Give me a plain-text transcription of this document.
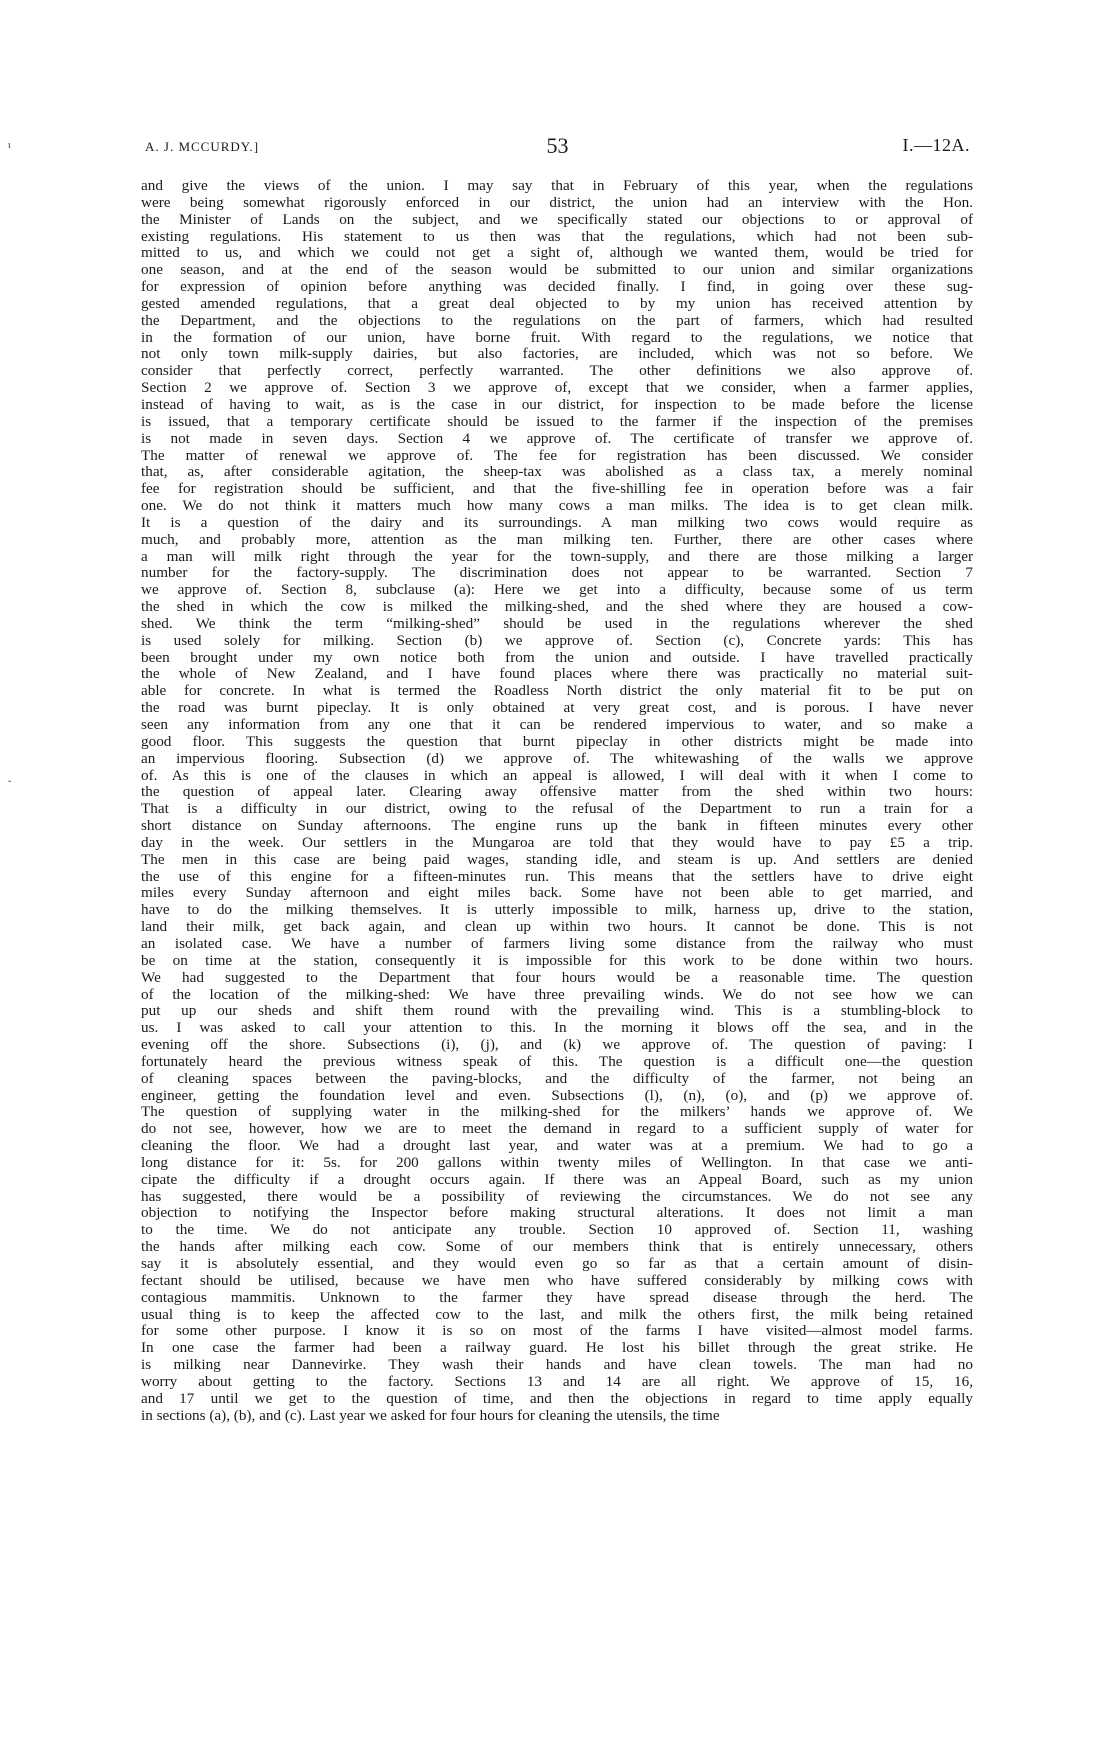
ι
ˇ
A. J. MCCURDY.]	53	I.—12A.
and give the views of the union. I may say that in February of this year, when the regulations
were being somewhat rigorously enforced in our district, the union had an interview with the Hon.
the Minister of Lands on the subject, and we specifically stated our objections to or approval of
existing regulations. His statement to us then was that the regulations, which had not been sub-
mitted to us, and which we could not get a sight of, although we wanted them, would be tried for
one season, and at the end of the season would be submitted to our union and similar organizations
for expression of opinion before anything was decided finally. I find, in going over these sug-
gested amended regulations, that a great deal objected to by my union has received attention by
the Department, and the objections to the regulations on the part of farmers, which had resulted
in the formation of our union, have borne fruit. With regard to the regulations, we notice that
not only town milk-supply dairies, but also factories, are included, which was not so before. We
consider that perfectly correct, perfectly warranted. The other definitions we also approve of.
Section 2 we approve of. Section 3 we approve of, except that we consider, when a farmer applies,
instead of having to wait, as is the case in our district, for inspection to be made before the license
is issued, that a temporary certificate should be issued to the farmer if the inspection of the premises
is not made in seven days. Section 4 we approve of. The certificate of transfer we approve of.
The matter of renewal we approve of. The fee for registration has been discussed. We consider
that, as, after considerable agitation, the sheep-tax was abolished as a class tax, a merely nominal
fee for registration should be sufficient, and that the five-shilling fee in operation before was a fair
one. We do not think it matters much how many cows a man milks. The idea is to get clean milk.
It is a question of the dairy and its surroundings. A man milking two cows would require as
much, and probably more, attention as the man milking ten. Further, there are other cases where
a man will milk right through the year for the town-supply, and there are those milking a larger
number for the factory-supply. The discrimination does not appear to be warranted. Section 7
we approve of. Section 8, subclause (a): Here we get into a difficulty, because some of us term
the shed in which the cow is milked the milking-shed, and the shed where they are housed a cow-
shed. We think the term “milking-shed” should be used in the regulations wherever the shed
is used solely for milking. Section (b) we approve of. Section (c), Concrete yards: This has
been brought under my own notice both from the union and outside. I have travelled practically
the whole of New Zealand, and I have found places where there was practically no material suit-
able for concrete. In what is termed the Roadless North district the only material fit to be put on
the road was burnt pipeclay. It is only obtained at very great cost, and is porous. I have never
seen any information from any one that it can be rendered impervious to water, and so make a
good floor. This suggests the question that burnt pipeclay in other districts might be made into
an impervious flooring. Subsection (d) we approve of. The whitewashing of the walls we approve
of. As this is one of the clauses in which an appeal is allowed, I will deal with it when I come to
the question of appeal later. Clearing away offensive matter from the shed within two hours:
That is a difficulty in our district, owing to the refusal of the Department to run a train for a
short distance on Sunday afternoons. The engine runs up the bank in fifteen minutes every other
day in the week. Our settlers in the Mungaroa are told that they would have to pay £5 a trip.
The men in this case are being paid wages, standing idle, and steam is up. And settlers are denied
the use of this engine for a fifteen-minutes run. This means that the settlers have to drive eight
miles every Sunday afternoon and eight miles back. Some have not been able to get married, and
have to do the milking themselves. It is utterly impossible to milk, harness up, drive to the station,
land their milk, get back again, and clean up within two hours. It cannot be done. This is not
an isolated case. We have a number of farmers living some distance from the railway who must
be on time at the station, consequently it is impossible for this work to be done within two hours.
We had suggested to the Department that four hours would be a reasonable time. The question
of the location of the milking-shed: We have three prevailing winds. We do not see how we can
put up our sheds and shift them round with the prevailing wind. This is a stumbling-block to
us. I was asked to call your attention to this. In the morning it blows off the sea, and in the
evening off the shore. Subsections (i), (j), and (k) we approve of. The question of paving: I
fortunately heard the previous witness speak of this. The question is a difficult one—the question
of cleaning spaces between the paving-blocks, and the difficulty of the farmer, not being an
engineer, getting the foundation level and even. Subsections (l), (n), (o), and (p) we approve of.
The question of supplying water in the milking-shed for the milkers’ hands we approve of. We
do not see, however, how we are to meet the demand in regard to a sufficient supply of water for
cleaning the floor. We had a drought last year, and water was at a premium. We had to go a
long distance for it: 5s. for 200 gallons within twenty miles of Wellington. In that case we anti-
cipate the difficulty if a drought occurs again. If there was an Appeal Board, such as my union
has suggested, there would be a possibility of reviewing the circumstances. We do not see any
objection to notifying the Inspector before making structural alterations. It does not limit a man
to the time. We do not anticipate any trouble. Section 10 approved of. Section 11, washing
the hands after milking each cow. Some of our members think that is entirely unnecessary, others
say it is absolutely essential, and they would even go so far as that a certain amount of disin-
fectant should be utilised, because we have men who have suffered considerably by milking cows with
contagious mammitis. Unknown to the farmer they have spread disease through the herd. The
usual thing is to keep the affected cow to the last, and milk the others first, the milk being retained
for some other purpose. I know it is so on most of the farms I have visited—almost model farms.
In one case the farmer had been a railway guard. He lost his billet through the great strike. He
is milking near Dannevirke. They wash their hands and have clean towels. The man had no
worry about getting to the factory. Sections 13 and 14 are all right. We approve of 15, 16,
and 17 until we get to the question of time, and then the objections in regard to time apply equally
in sections (a), (b), and (c). Last year we asked for four hours for cleaning the utensils, the time
